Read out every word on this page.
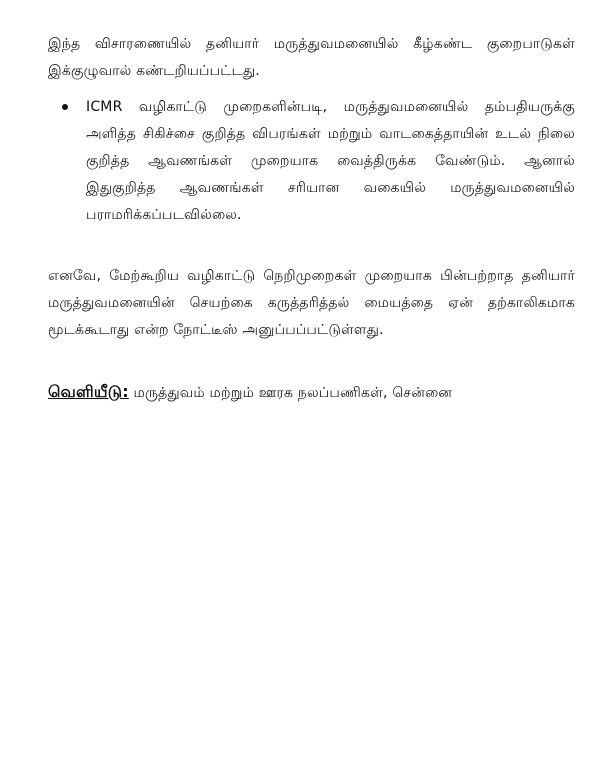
இந்த விசாரணையில் தனியார் மருத்துவமனையில் கீழ்கண்ட குறைபாடுகள் இக்குழுவால் கண்டறியப்பட்டது.

ICMR வழிகாட்டு முறைகளின்படி, மருத்துவமனையில் தம்பதியருக்கு அளித்த சிகிச்சை குறித்த விபரங்கள் மற்றும் வாடகைத்தாயின் உடல் நிலை குறித்த ஆவணங்கள் முறையாக வைத்திருக்க வேண்டும். ஆனால் இதுகுறித்த ஆவணங்கள் சரியான வகையில் மருத்துவமனையில் பராமரிக்கப்படவில்லை.

எனவே, மேற்கூறிய வழிகாட்டு நெறிமுறைகள் முறையாக பின்பற்றாத தனியார் மருத்துவமனையின் செயற்கை கருத்தரித்தல் மையத்தை ஏன் தற்காலிகமாக மூடக்கூடாது என்ற நோட்டீஸ் அனுப்பப்பட்டுள்ளது.

வெளியீடு: மருத்துவம் மற்றும் ஊரக நலப்பணிகள், சென்னை
